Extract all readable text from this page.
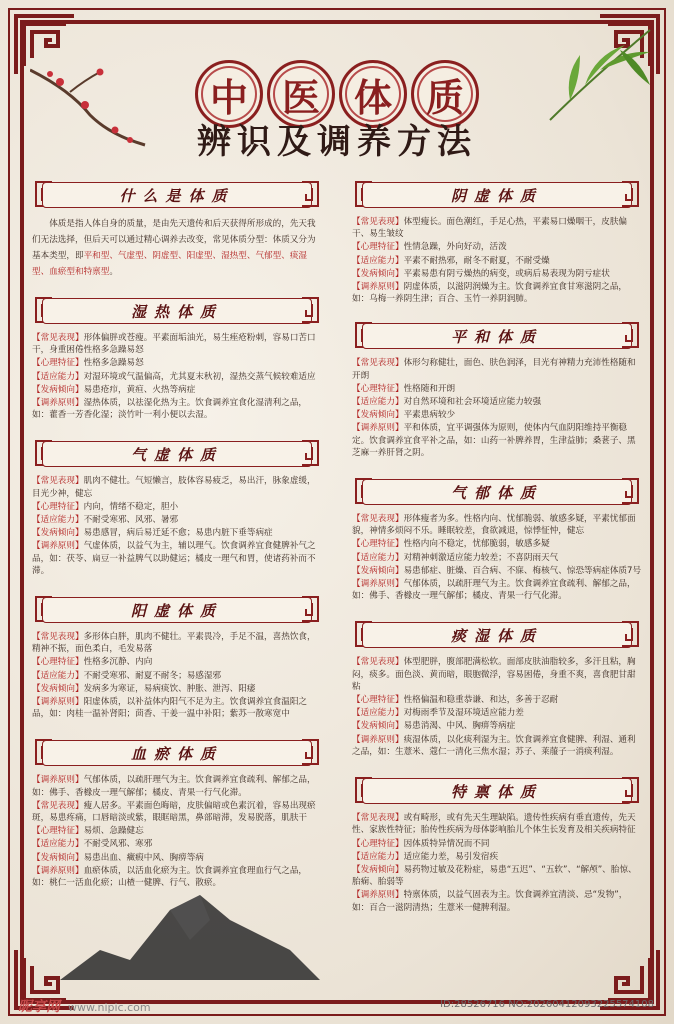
中 医 体 质
辨识及调养方法
什么是体质
体质是指人体自身的质量，是由先天遗传和后天获得所形成的，先天我们无法选择，但后天可以通过精心调养去改变，常见体质分型：体质又分为基本类型，即平和型、气虚型、阴虚型、阳虚型、湿热型、气郁型、痰湿型、血瘀型和特禀型。
湿热体质
【常见表现】形体偏胖或苍瘦。平素面垢油光，易生痤疮粉刺，容易口苦口干，身重困倦性格多急躁易怒
【心理特征】性格多急躁易怒
【适应能力】对湿环境或气温偏高，尤其夏末秋初，湿热交蒸气候较难适应
【发病倾向】易患疮疖，黄疸、火热等病症
【调养原则】湿热体质，以祛湿化热为主。饮食调养宜食化湿清利之品，如：藿香一芳香化湿；淡竹叶一利小便以去湿。
气虚体质
【常见表现】肌肉不健壮。气短懒言，肢体容易疲乏，易出汗，脉象虚缓，目光少神，健忘
【心理特征】内向，情绪不稳定，胆小
【适应能力】不耐受寒邪、风邪、暑邪
【发病倾向】易患感冒，病后易迁延不愈；易患内脏下垂等病症
【调养原则】气虚体质，以益气为主，辅以理气。饮食调养宜食健脾补气之品，如：茯苓、扁豆一补益脾气以助健运；橘皮一理气和胃，使诸药补而不滞。
阳虚体质
【常见表现】多形体白胖，肌肉不健壮。平素畏冷，手足不温，喜热饮食，精神不振，面色柔白，毛发易落
【心理特征】性格多沉静、内向
【适应能力】不耐受寒邪、耐夏不耐冬；易感湿邪
【发病倾向】发病多为寒证，易病痰饮、肿胀、泄泻、阳痿
【调养原则】阳虚体质，以补益体内阳气不足为主。饮食调养宜食温阳之品，如：肉桂一温补肾阳；茴香、干姜一温中补阳；紫苏一散寒宽中
血瘀体质
【调养原则】气郁体质，以疏肝理气为主。饮食调养宜食疏利、解郁之品，如：佛手、香橼皮一理气解郁；橘皮、青果一行气化滞。
【常见表现】瘦人居多。平素面色晦暗，皮肤偏暗或色素沉着，容易出现瘀斑，易患疼痛，口唇暗淡或紫，眼眶暗黑，鼻部暗滞，发易脱落，肌肤干
【心理特征】易烦、急躁健忘
【适应能力】不耐受风邪、寒邪
【发病倾向】易患出血、癥瘕中风、胸痹等病
【调养原则】血瘀体质，以活血化瘀为主。饮食调养宜食理血行气之品，如：桃仁一活血化瘀；山楂一健脾、行气、散瘀。
阴虚体质
【常见表现】体型瘦长。面色潮红，手足心热，平素易口燥咽干，皮肤偏干、易生皱纹
【心理特征】性情急躁，外向好动，活泼
【适应能力】平素不耐热邪，耐冬不耐夏，不耐受燥
【发病倾向】平素易患有阴亏燥热的病变，或病后易表现为阴亏症状
【调养原则】阴虚体质，以滋阴润燥为主。饮食调养宜食甘寒滋阴之品，如：乌梅一养阴生津；百合、玉竹一养阴润肺。
平和体质
【常见表现】体形匀称健壮，面色、肤色润泽，目光有神精力充沛性格随和开朗
【心理特征】性格随和开朗
【适应能力】对自然环境和社会环境适应能力较强
【发病倾向】平素患病较少
【调养原则】平和体质，宜平调强体为原则，使体内气血阴阳维持平衡稳定。饮食调养宜食平补之品，如：山药一补脾养胃，生津益肺；桑葚子、黑芝麻一养肝肾之阴。
气郁体质
【常见表现】形体瘦者为多。性格内向、忧郁脆弱、敏感多疑，平素忧郁面貌，神情多烦闷不乐。睡眠较差，食欲减退，惊悸怔忡，健忘
【心理特征】性格内向不稳定，忧郁脆弱，敏感多疑
【适应能力】对精神刺激适应能力较差；不喜阴雨天气
【发病倾向】易患郁症、脏燥、百合病、不寐、梅核气、惊恐等病症体质7号
【调养原则】气郁体质，以疏肝理气为主。饮食调养宜食疏利、解郁之品，如：佛手、香橼皮一理气解郁；橘皮、青果一行气化滞。
痰湿体质
【常见表现】体型肥胖，腹部肥满松软。面部皮肤油脂较多，多汗且粘，胸闷，痰多。面色淡、黄而暗，眼胞微浮，容易困倦，身重不爽，喜食肥甘甜粘
【心理特征】性格偏温和稳重恭谦、和达，多善于忍耐
【适应能力】对梅雨季节及湿环境适应能力差
【发病倾向】易患消渴、中风、胸痹等病症
【调养原则】痰湿体质，以化痰利湿为主。饮食调养宜食健脾、利湿、通利之品，如：生薏米、蔻仁一清化三焦水湿；苏子、莱菔子一消痰利湿。
特禀体质
【常见表现】或有畸形，或有先天生理缺陷。遗传性疾病有垂直遗传，先天性、家族性特征；胎传性疾病为母体影响胎儿个体生长发育及相关疾病特征
【心理特征】因体质特异情况而不同
【适应能力】适应能力差，易引发宿疾
【发病倾向】易药物过敏及花粉症，易患“五迟”、“五软”、“解颅”、胎惊、胎痫、胎弱等
【调养原则】特禀体质，以益气固表为主。饮食调养宜清淡、忌“发物”，如：百合一滋阴清热；生薏米一健脾利湿。
昵享网 www.nipic.com	ID:28526716 NO:20260412093225574108
